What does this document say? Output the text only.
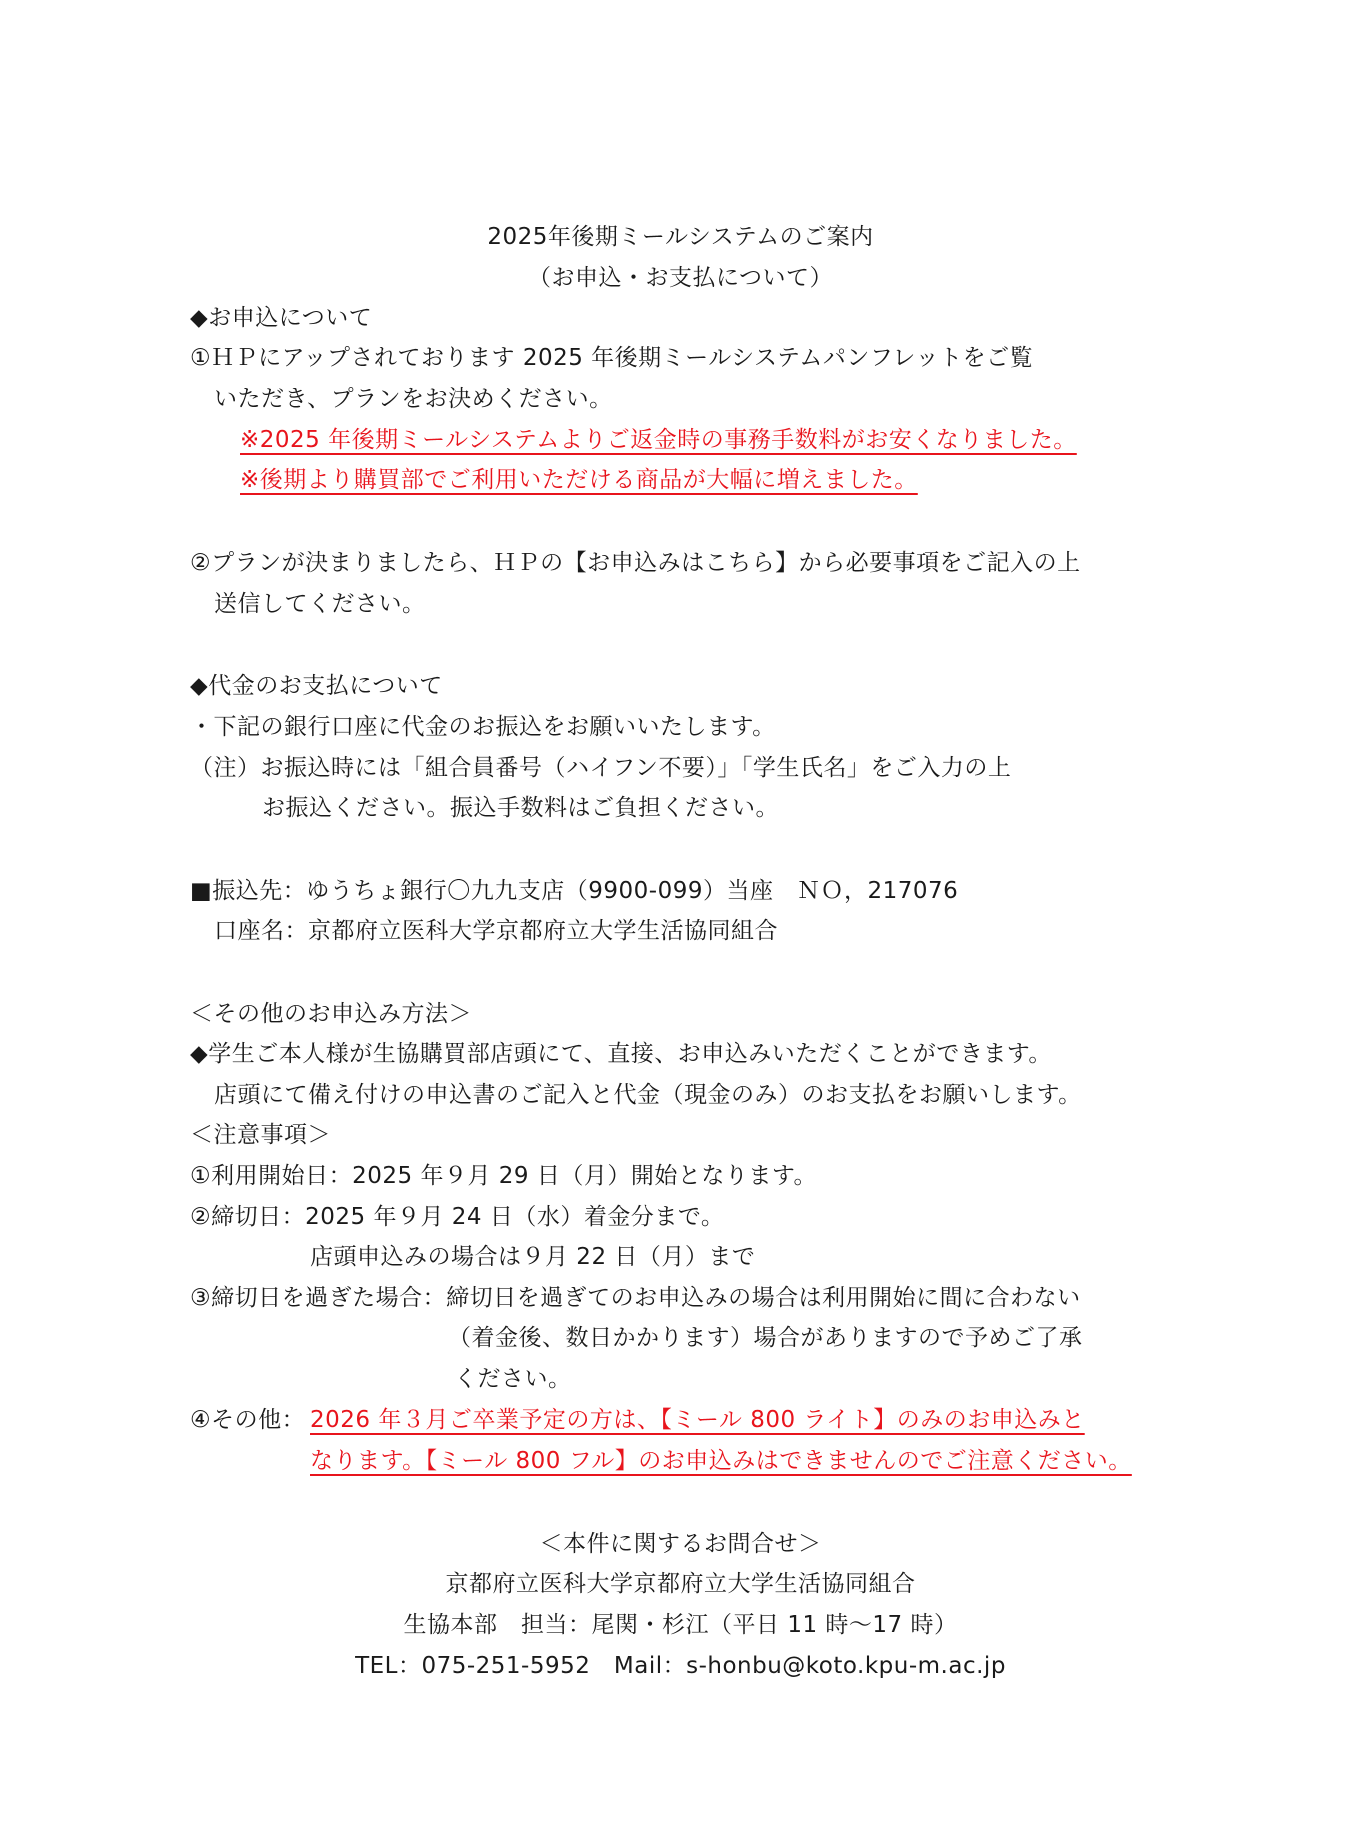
2025年後期ミールシステムのご案内
（お申込・お支払について）
◆お申込について
①ＨＰにアップされております 2025 年後期ミールシステムパンフレットをご覧
いただき、プランをお決めください。
※2025 年後期ミールシステムよりご返金時の事務手数料がお安くなりました。
※後期より購買部でご利用いただける商品が大幅に増えました。
②プランが決まりましたら、ＨＰの【お申込みはこちら】から必要事項をご記入の上
送信してください。
◆代金のお支払について
・下記の銀行口座に代金のお振込をお願いいたします。
（注）お振込時には「組合員番号（ハイフン不要）」「学生氏名」をご入力の上
お振込ください。振込手数料はご負担ください。
■振込先：ゆうちょ銀行〇九九支店（9900-099）当座　ＮＯ，217076
口座名：京都府立医科大学京都府立大学生活協同組合
＜その他のお申込み方法＞
◆学生ご本人様が生協購買部店頭にて、直接、お申込みいただくことができます。
店頭にて備え付けの申込書のご記入と代金（現金のみ）のお支払をお願いします。
＜注意事項＞
①利用開始日：2025 年９月 29 日（月）開始となります。
②締切日：2025 年９月 24 日（水）着金分まで。
店頭申込みの場合は９月 22 日（月）まで
③締切日を過ぎた場合：締切日を過ぎてのお申込みの場合は利用開始に間に合わない
（着金後、数日かかります）場合がありますので予めご了承
ください。
④その他： 2026 年３月ご卒業予定の方は、【ミール 800 ライト】のみのお申込みと
なります。【ミール 800 フル】のお申込みはできませんのでご注意ください。
＜本件に関するお問合せ＞
京都府立医科大学京都府立大学生活協同組合
生協本部　担当：尾関・杉江（平日 11 時～17 時）
TEL：075-251-5952　Mail：s-honbu@koto.kpu-m.ac.jp
